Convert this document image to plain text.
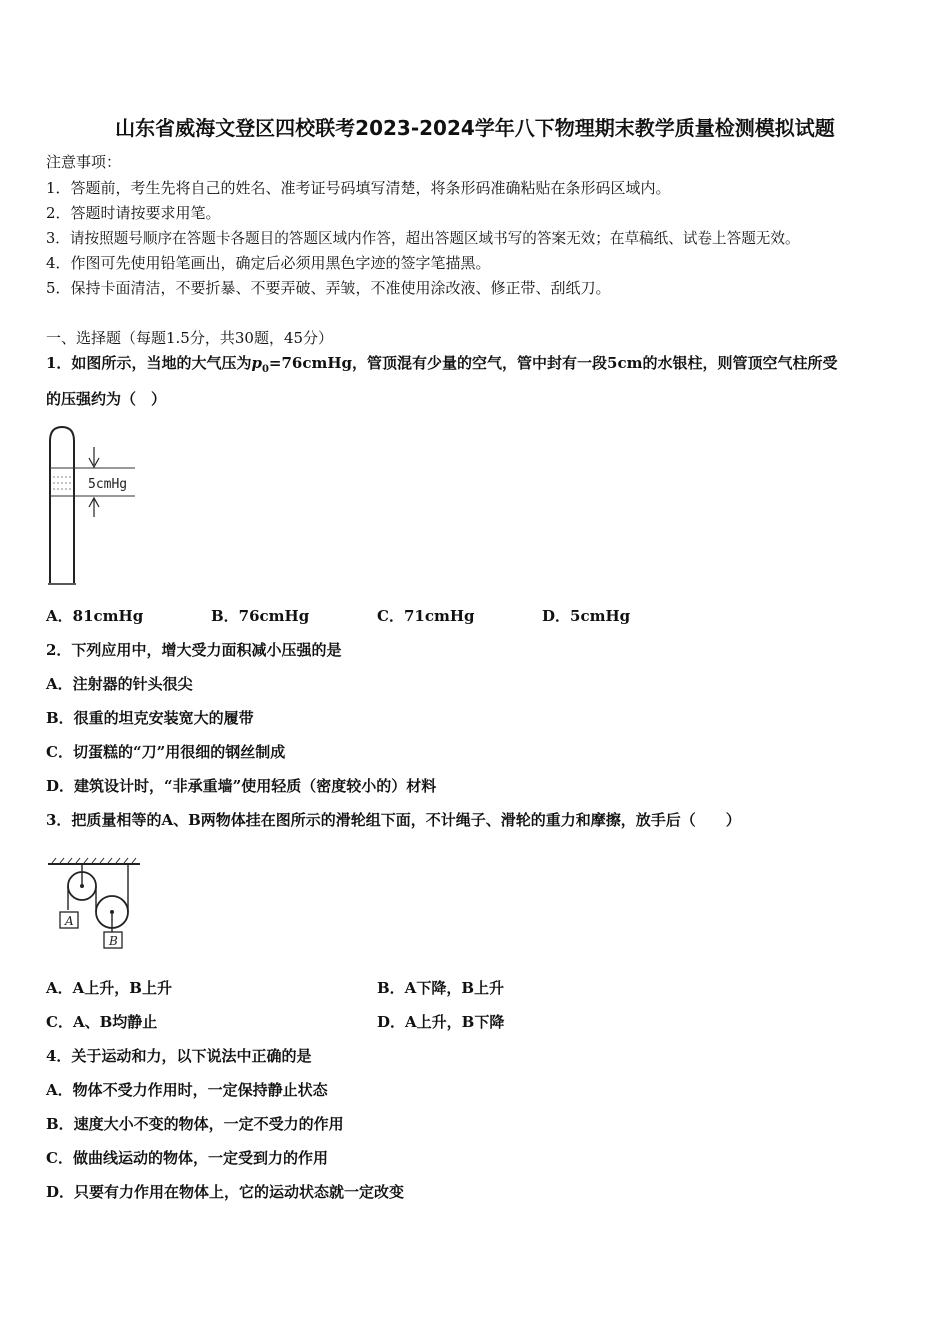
山东省威海文登区四校联考2023-2024学年八下物理期末教学质量检测模拟试题
注意事项：
1．答题前，考生先将自己的姓名、准考证号码填写清楚，将条形码准确粘贴在条形码区域内。
2．答题时请按要求用笔。
3．请按照题号顺序在答题卡各题目的答题区域内作答，超出答题区域书写的答案无效；在草稿纸、试卷上答题无效。
4．作图可先使用铅笔画出，确定后必须用黑色字迹的签字笔描黑。
5．保持卡面清洁，不要折暴、不要弄破、弄皱，不准使用涂改液、修正带、刮纸刀。
一、选择题（每题1.5分，共30题，45分）
1．如图所示，当地的大气压为$p_0=76cmHg$，管顶混有少量的空气，管中封有一段5cm的水银柱，则管顶空气柱所受
的压强约为（　）
5cmHg
A．81cmHg	B．76cmHg	C．71cmHg	D．5cmHg
2．下列应用中，增大受力面积减小压强的是
A．注射器的针头很尖
B．很重的坦克安装宽大的履带
C．切蛋糕的“刀”用很细的钢丝制成
D．建筑设计时，“非承重墙”使用轻质（密度较小的）材料
3．把质量相等的A、B两物体挂在图所示的滑轮组下面，不计绳子、滑轮的重力和摩擦，放手后（　　）
A
B
A．A上升，B上升	B．A下降，B上升
C．A、B均静止	D．A上升，B下降
4．关于运动和力，以下说法中正确的是
A．物体不受力作用时，一定保持静止状态
B．速度大小不变的物体，一定不受力的作用
C．做曲线运动的物体，一定受到力的作用
D．只要有力作用在物体上，它的运动状态就一定改变
